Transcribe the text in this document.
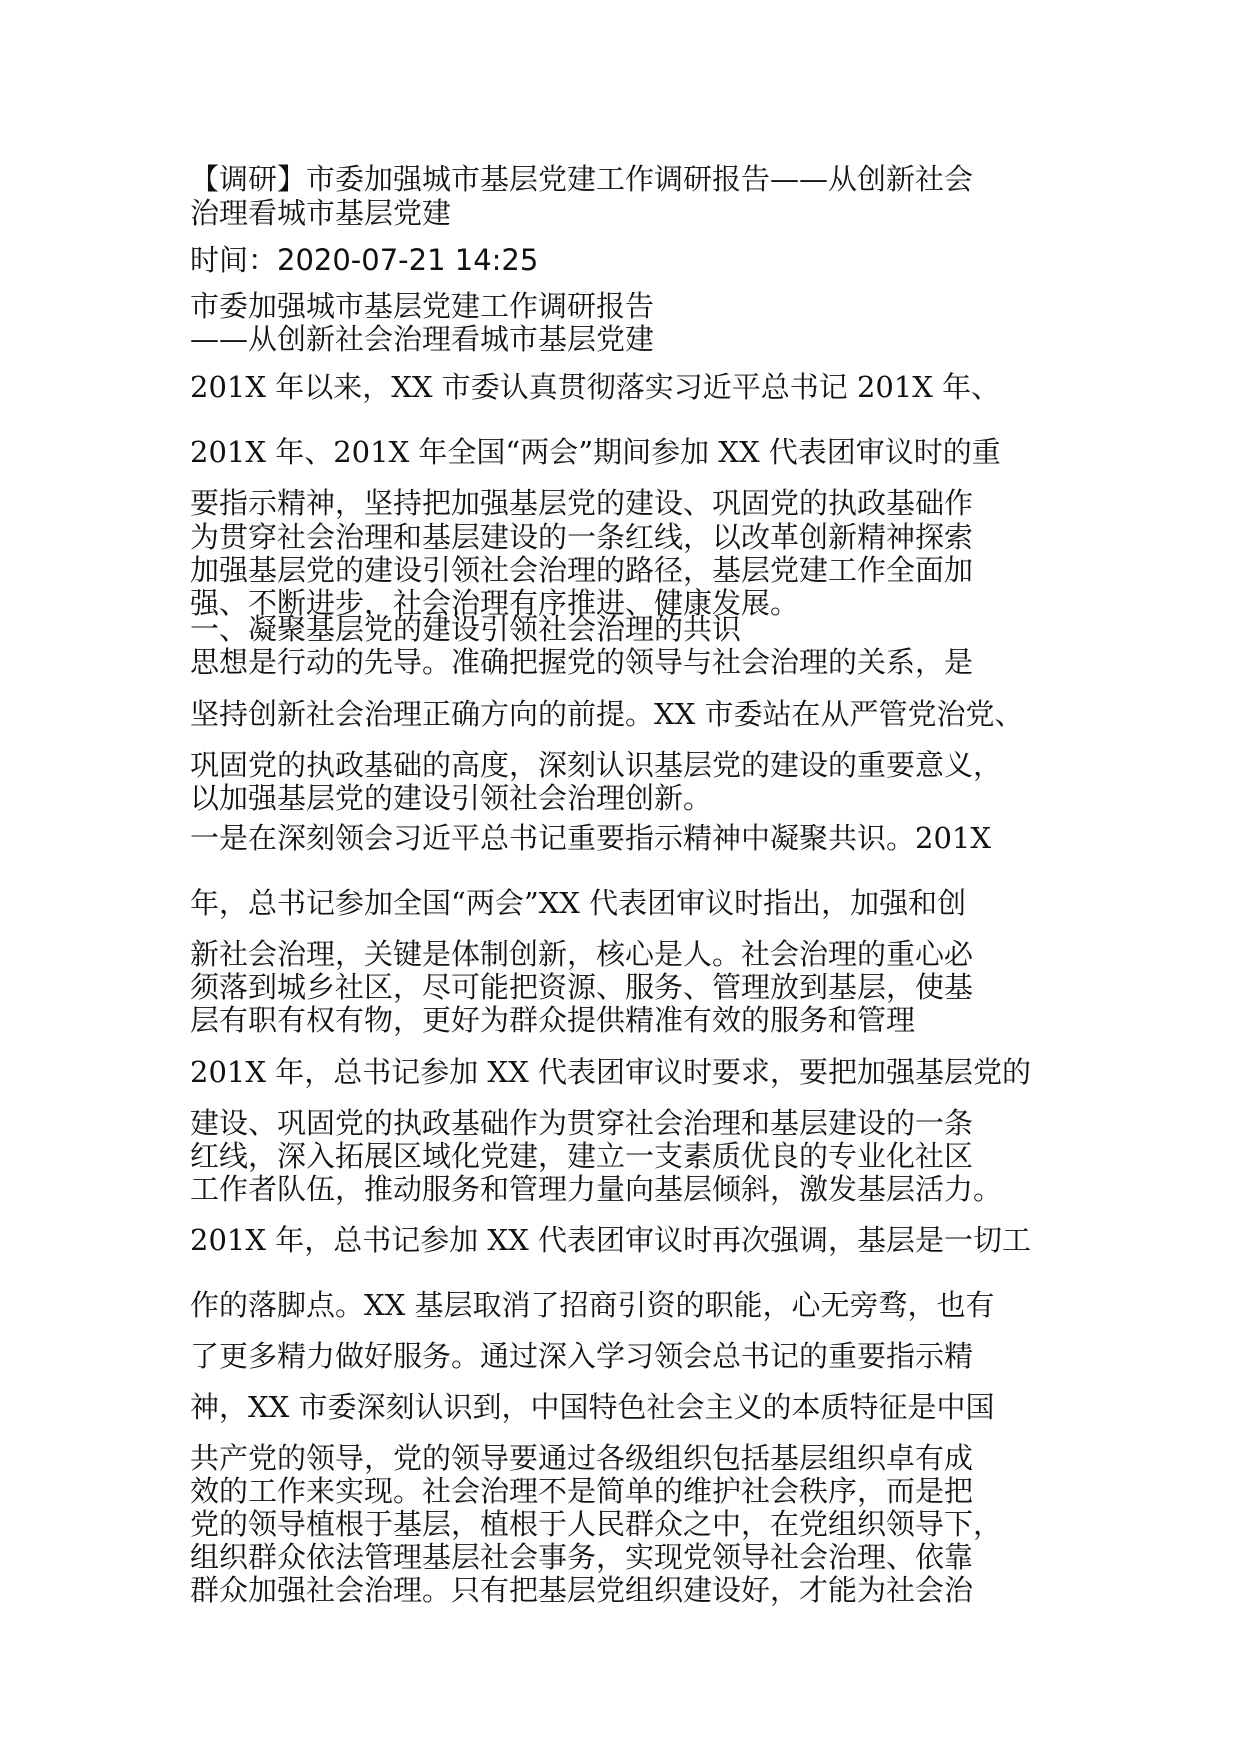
【调研】市委加强城市基层党建工作调研报告——从创新社会

治理看城市基层党建

时间：2020-07-21 14:25

市委加强城市基层党建工作调研报告

——从创新社会治理看城市基层党建

201X 年以来，XX 市委认真贯彻落实习近平总书记 201X 年、

201X 年、201X 年全国“两会”期间参加 XX 代表团审议时的重

要指示精神，坚持把加强基层党的建设、巩固党的执政基础作

为贯穿社会治理和基层建设的一条红线，以改革创新精神探索

加强基层党的建设引领社会治理的路径，基层党建工作全面加

强、不断进步，社会治理有序推进、健康发展。

一、凝聚基层党的建设引领社会治理的共识

思想是行动的先导。准确把握党的领导与社会治理的关系，是

坚持创新社会治理正确方向的前提。XX 市委站在从严管党治党、

巩固党的执政基础的高度，深刻认识基层党的建设的重要意义，

以加强基层党的建设引领社会治理创新。

一是在深刻领会习近平总书记重要指示精神中凝聚共识。201X

年，总书记参加全国“两会”XX 代表团审议时指出，加强和创

新社会治理，关键是体制创新，核心是人。社会治理的重心必

须落到城乡社区，尽可能把资源、服务、管理放到基层，使基

层有职有权有物，更好为群众提供精准有效的服务和管理

201X 年，总书记参加 XX 代表团审议时要求，要把加强基层党的

建设、巩固党的执政基础作为贯穿社会治理和基层建设的一条

红线，深入拓展区域化党建，建立一支素质优良的专业化社区

工作者队伍，推动服务和管理力量向基层倾斜，激发基层活力。

201X 年，总书记参加 XX 代表团审议时再次强调，基层是一切工

作的落脚点。XX 基层取消了招商引资的职能，心无旁骛，也有

了更多精力做好服务。通过深入学习领会总书记的重要指示精

神，XX 市委深刻认识到，中国特色社会主义的本质特征是中国

共产党的领导，党的领导要通过各级组织包括基层组织卓有成

效的工作来实现。社会治理不是简单的维护社会秩序，而是把

党的领导植根于基层，植根于人民群众之中，在党组织领导下，

组织群众依法管理基层社会事务，实现党领导社会治理、依靠

群众加强社会治理。只有把基层党组织建设好，才能为社会治
